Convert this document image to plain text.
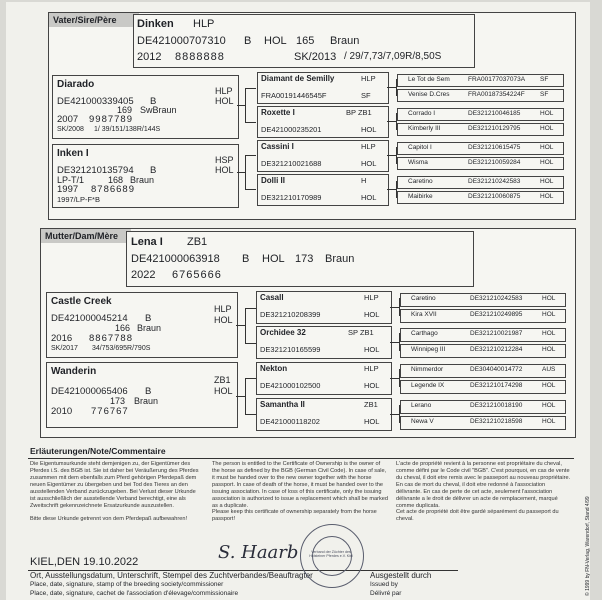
Vater/Sire/Père	Dinken HLP
DE421000707310 B HOL 165 Braun
2012 8888888	SK/2013 / 29/7,73/7,09R/8,50S
Diarado
HLP
HOL
DE421000339405 B
169 SwBraun
2007 9987789
SK/2008 1/ 39/151/138R/144S
Inken I
HSP
HOL
DE321210135794 B
LP-T/1	168 Braun
1997 8786689
1997/LP-F*B
Diamant de Semilly	HLP
FRA00191446545F	SF
Roxette I	BP ZB1
DE421000235201	HOL
Cassini I	HLP
DE321210021688	HOL
Dolli II	H
DE321210170989	HOL
Le Tot de Sem	FRA00177037073A SF
Venise D.Cres	FRA00187354224F SF
Corrado I	DE321210046185	HOL
Kimberly III	DE321210129795	HOL
Capitol I	DE321210615475	HOL
Wisma	DE321210059284	HOL
Caretino	DE321210242583	HOL
Maibirke	DE321210060875	HOL
Mutter/Dam/Mère	Lena I ZB1
DE421000063918 B HOL 173 Braun
2022 6765666
Castle Creek
HLP
HOL
DE421000045214 B
166 Braun
2016 8867788
SK/2017 34/753/695R/790S
Wanderin
ZB1
HOL
DE421000065406 B
173 Braun
2010 776767
Casall	HLP
DE321210208399	HOL
Orchidee 32	SP ZB1
DE321210165599	HOL
Nekton	HLP
DE421000102500	HOL
Samantha II	ZB1
DE421000118202	HOL
Caretino	DE321210242583	HOL
Kira XVII	DE321210249895	HOL
Carthago	DE321210021987	HOL
Winnipeg III	DE321210212284	HOL
Nimmerdor	DE304040014772	AUS
Legende IX	DE321210174298	HOL
Lerano	DE321210018190	HOL
Newa V	DE321210218598	HOL
Erläuterungen/Note/Commentaire
Die Eigentumsurkunde steht demjenigen zu, der Eigentümer des Pferdes i.S. des BGB ist. Sie ist daher bei Veräußerung des Pferdes zusammen mit dem ebenfalls zum Pferd gehörigen Pferdepaß dem neuen Eigentümer zu übergeben und bei Tod des Tieres an den ausstellenden Verband zurückzugeben. Bei Verlust dieser Urkunde ist ausschließlich der ausstellende Verband berechtigt, eine als Zweitschrift gekennzeichnete Ersatzurkunde auszustellen.
Bitte diese Urkunde getrennt von dem Pferdepaß aufbewahren!
The person is entitled to the Certificate of Ownership is the owner of the horse as defined by the BGB (German Civil Code). In case of sale, it must be handed over to the new owner together with the horse passport. In case of death of the horse, it must be handed over to the issuing association. In case of loss of this certificate, only the issuing association is authorized to issue a replacement which shall be marked as a duplicate.
Please keep this certificate of ownership separately from the horse passport!
L'acte de propriété revient à la personne est propriétaire du cheval, comme défini par le Code civil "BGB". C'est pourquoi, en cas de vente du cheval, il doit etre remis avec le passeport au nouveau propriétaire. En cas de mort du cheval, il doit etre redonné à l'association délivrante. En cas de perte de cet acte, seulement l'association délivrante a le droit de délivrer un acte de remplacement, marqué comme duplicata.
Cet acte de propriété doit être gardé séparément du passeport du cheval.
KIEL,DEN 19.10.2022
Ort, Ausstellungsdatum, Unterschrift, Stempel des Zuchtverbandes/Beauftragter
Place, date, signature, stamp of the breeding society/commissioner
Place, date, signature, cachet de l'association d'élevage/commissionaire
S. Haarb	Verband der Züchter des Holsteiner Pferdes e.V. Kiel
Ausgestellt durch
Issued by
Délivré par	© 1999 by FN-Verlag, Warendorf, Stand 4/99
